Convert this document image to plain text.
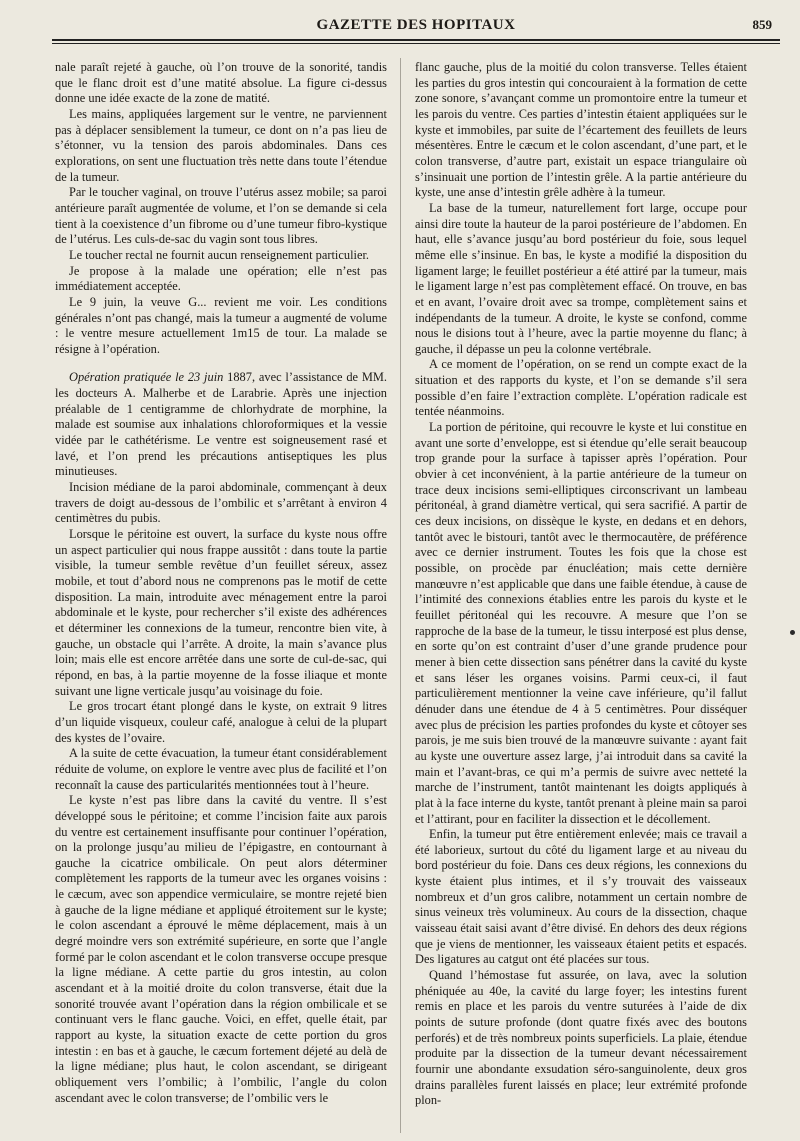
GAZETTE DES HOPITAUX	859

nale paraît rejeté à gauche, où l’on trouve de la sonorité, tandis que le flanc droit est d’une matité absolue. La figure ci-dessus donne une idée exacte de la zone de matité.

Les mains, appliquées largement sur le ventre, ne parviennent pas à déplacer sensiblement la tumeur, ce dont on n’a pas lieu de s’étonner, vu la tension des parois abdominales. Dans ces explorations, on sent une fluctuation très nette dans toute l’étendue de la tumeur.

Par le toucher vaginal, on trouve l’utérus assez mobile; sa paroi antérieure paraît augmentée de volume, et l’on se demande si cela tient à la coexistence d’un fibrome ou d’une tumeur fibro-kystique de l’utérus. Les culs-de-sac du vagin sont tous libres.

Le toucher rectal ne fournit aucun renseignement particulier.

Je propose à la malade une opération; elle n’est pas immédiatement acceptée.

Le 9 juin, la veuve G... revient me voir. Les conditions générales n’ont pas changé, mais la tumeur a augmenté de volume : le ventre mesure actuellement 1m15 de tour. La malade se résigne à l’opération.

Opération pratiquée le 23 juin 1887, avec l’assistance de MM. les docteurs A. Malherbe et de Larabrie. Après une injection préalable de 1 centigramme de chlorhydrate de morphine, la malade est soumise aux inhalations chloroformiques et la vessie vidée par le cathétérisme. Le ventre est soigneusement rasé et lavé, et l’on prend les précautions antiseptiques les plus minutieuses.

Incision médiane de la paroi abdominale, commençant à deux travers de doigt au-dessous de l’ombilic et s’arrêtant à environ 4 centimètres du pubis.

Lorsque le péritoine est ouvert, la surface du kyste nous offre un aspect particulier qui nous frappe aussitôt : dans toute la partie visible, la tumeur semble revêtue d’un feuillet séreux, assez mobile, et tout d’abord nous ne comprenons pas le motif de cette disposition. La main, introduite avec ménagement entre la paroi abdominale et le kyste, pour rechercher s’il existe des adhérences et déterminer les connexions de la tumeur, rencontre bien vite, à gauche, un obstacle qui l’arrête. A droite, la main s’avance plus loin; mais elle est encore arrêtée dans une sorte de cul-de-sac, qui répond, en bas, à la partie moyenne de la fosse iliaque et monte suivant une ligne verticale jusqu’au voisinage du foie.

Le gros trocart étant plongé dans le kyste, on extrait 9 litres d’un liquide visqueux, couleur café, analogue à celui de la plupart des kystes de l’ovaire.

A la suite de cette évacuation, la tumeur étant considérablement réduite de volume, on explore le ventre avec plus de facilité et l’on reconnaît la cause des particularités mentionnées tout à l’heure.

Le kyste n’est pas libre dans la cavité du ventre. Il s’est développé sous le péritoine; et comme l’incision faite aux parois du ventre est certainement insuffisante pour continuer l’opération, on la prolonge jusqu’au milieu de l’épigastre, en contournant à gauche la cicatrice ombilicale. On peut alors déterminer complètement les rapports de la tumeur avec les organes voisins : le cæcum, avec son appendice vermiculaire, se montre rejeté bien à gauche de la ligne médiane et appliqué étroitement sur le kyste; le colon ascendant a éprouvé le même déplacement, mais à un degré moindre vers son extrémité supérieure, en sorte que l’angle formé par le colon ascendant et le colon transverse occupe presque la ligne médiane. A cette partie du gros intestin, au colon ascendant et à la moitié droite du colon transverse, était due la sonorité trouvée avant l’opération dans la région ombilicale et se continuant vers le flanc gauche. Voici, en effet, quelle était, par rapport au kyste, la situation exacte de cette portion du gros intestin : en bas et à gauche, le cæcum fortement déjeté au delà de la ligne médiane; plus haut, le colon ascendant, se dirigeant obliquement vers l’ombilic; à l’ombilic, l’angle du colon ascendant avec le colon transverse; de l’ombilic vers le

flanc gauche, plus de la moitié du colon transverse. Telles étaient les parties du gros intestin qui concouraient à la formation de cette zone sonore, s’avançant comme un promontoire entre la tumeur et les parois du ventre. Ces parties d’intestin étaient appliquées sur le kyste et immobiles, par suite de l’écartement des feuillets de leurs mésentères. Entre le cæcum et le colon ascendant, d’une part, et le colon transverse, d’autre part, existait un espace triangulaire où s’insinuait une portion de l’intestin grêle. A la partie antérieure du kyste, une anse d’intestin grêle adhère à la tumeur.

La base de la tumeur, naturellement fort large, occupe pour ainsi dire toute la hauteur de la paroi postérieure de l’abdomen. En haut, elle s’avance jusqu’au bord postérieur du foie, sous lequel même elle s’insinue. En bas, le kyste a modifié la disposition du ligament large; le feuillet postérieur a été attiré par la tumeur, mais le ligament large n’est pas complètement effacé. On trouve, en bas et en avant, l’ovaire droit avec sa trompe, complètement sains et indépendants de la tumeur. A droite, le kyste se confond, comme nous le disions tout à l’heure, avec la partie moyenne du flanc; à gauche, il dépasse un peu la colonne vertébrale.

A ce moment de l’opération, on se rend un compte exact de la situation et des rapports du kyste, et l’on se demande s’il sera possible d’en faire l’extraction complète. L’opération radicale est tentée néanmoins.

La portion de péritoine, qui recouvre le kyste et lui constitue en avant une sorte d’enveloppe, est si étendue qu’elle serait beaucoup trop grande pour la surface à tapisser après l’opération. Pour obvier à cet inconvénient, à la partie antérieure de la tumeur on trace deux incisions semi-elliptiques circonscrivant un lambeau péritonéal, à grand diamètre vertical, qui sera sacrifié. A partir de ces deux incisions, on dissèque le kyste, en dedans et en dehors, tantôt avec le bistouri, tantôt avec le thermocautère, de préférence avec ce dernier instrument. Toutes les fois que la chose est possible, on procède par énucléation; mais cette dernière manœuvre n’est applicable que dans une faible étendue, à cause de l’intimité des connexions établies entre les parois du kyste et le feuillet péritonéal qui les recouvre. A mesure que l’on se rapproche de la base de la tumeur, le tissu interposé est plus dense, en sorte qu’on est contraint d’user d’une grande prudence pour mener à bien cette dissection sans pénétrer dans la cavité du kyste et sans léser les organes voisins. Parmi ceux-ci, il faut particulièrement mentionner la veine cave inférieure, qu’il fallut dénuder dans une étendue de 4 à 5 centimètres. Pour disséquer avec plus de précision les parties profondes du kyste et côtoyer ses parois, je me suis bien trouvé de la manœuvre suivante : ayant fait au kyste une ouverture assez large, j’ai introduit dans sa cavité la main et l’avant-bras, ce qui m’a permis de suivre avec netteté la marche de l’instrument, tantôt maintenant les doigts appliqués à plat à la face interne du kyste, tantôt prenant à pleine main sa paroi et l’attirant, pour en faciliter la dissection et le décollement.

Enfin, la tumeur put être entièrement enlevée; mais ce travail a été laborieux, surtout du côté du ligament large et au niveau du bord postérieur du foie. Dans ces deux régions, les connexions du kyste étaient plus intimes, et il s’y trouvait des vaisseaux nombreux et d’un gros calibre, notamment un certain nombre de sinus veineux très volumineux. Au cours de la dissection, chaque vaisseau était saisi avant d’être divisé. En dehors des deux régions que je viens de mentionner, les vaisseaux étaient petits et espacés. Des ligatures au catgut ont été placées sur tous.

Quand l’hémostase fut assurée, on lava, avec la solution phéniquée au 40e, la cavité du large foyer; les intestins furent remis en place et les parois du ventre suturées à l’aide de dix points de suture profonde (dont quatre fixés avec des boutons perforés) et de très nombreux points superficiels. La plaie, étendue produite par la dissection de la tumeur devant nécessairement fournir une abondante exsudation séro-sanguinolente, deux gros drains parallèles furent laissés en place; leur extrémité profonde plon-
